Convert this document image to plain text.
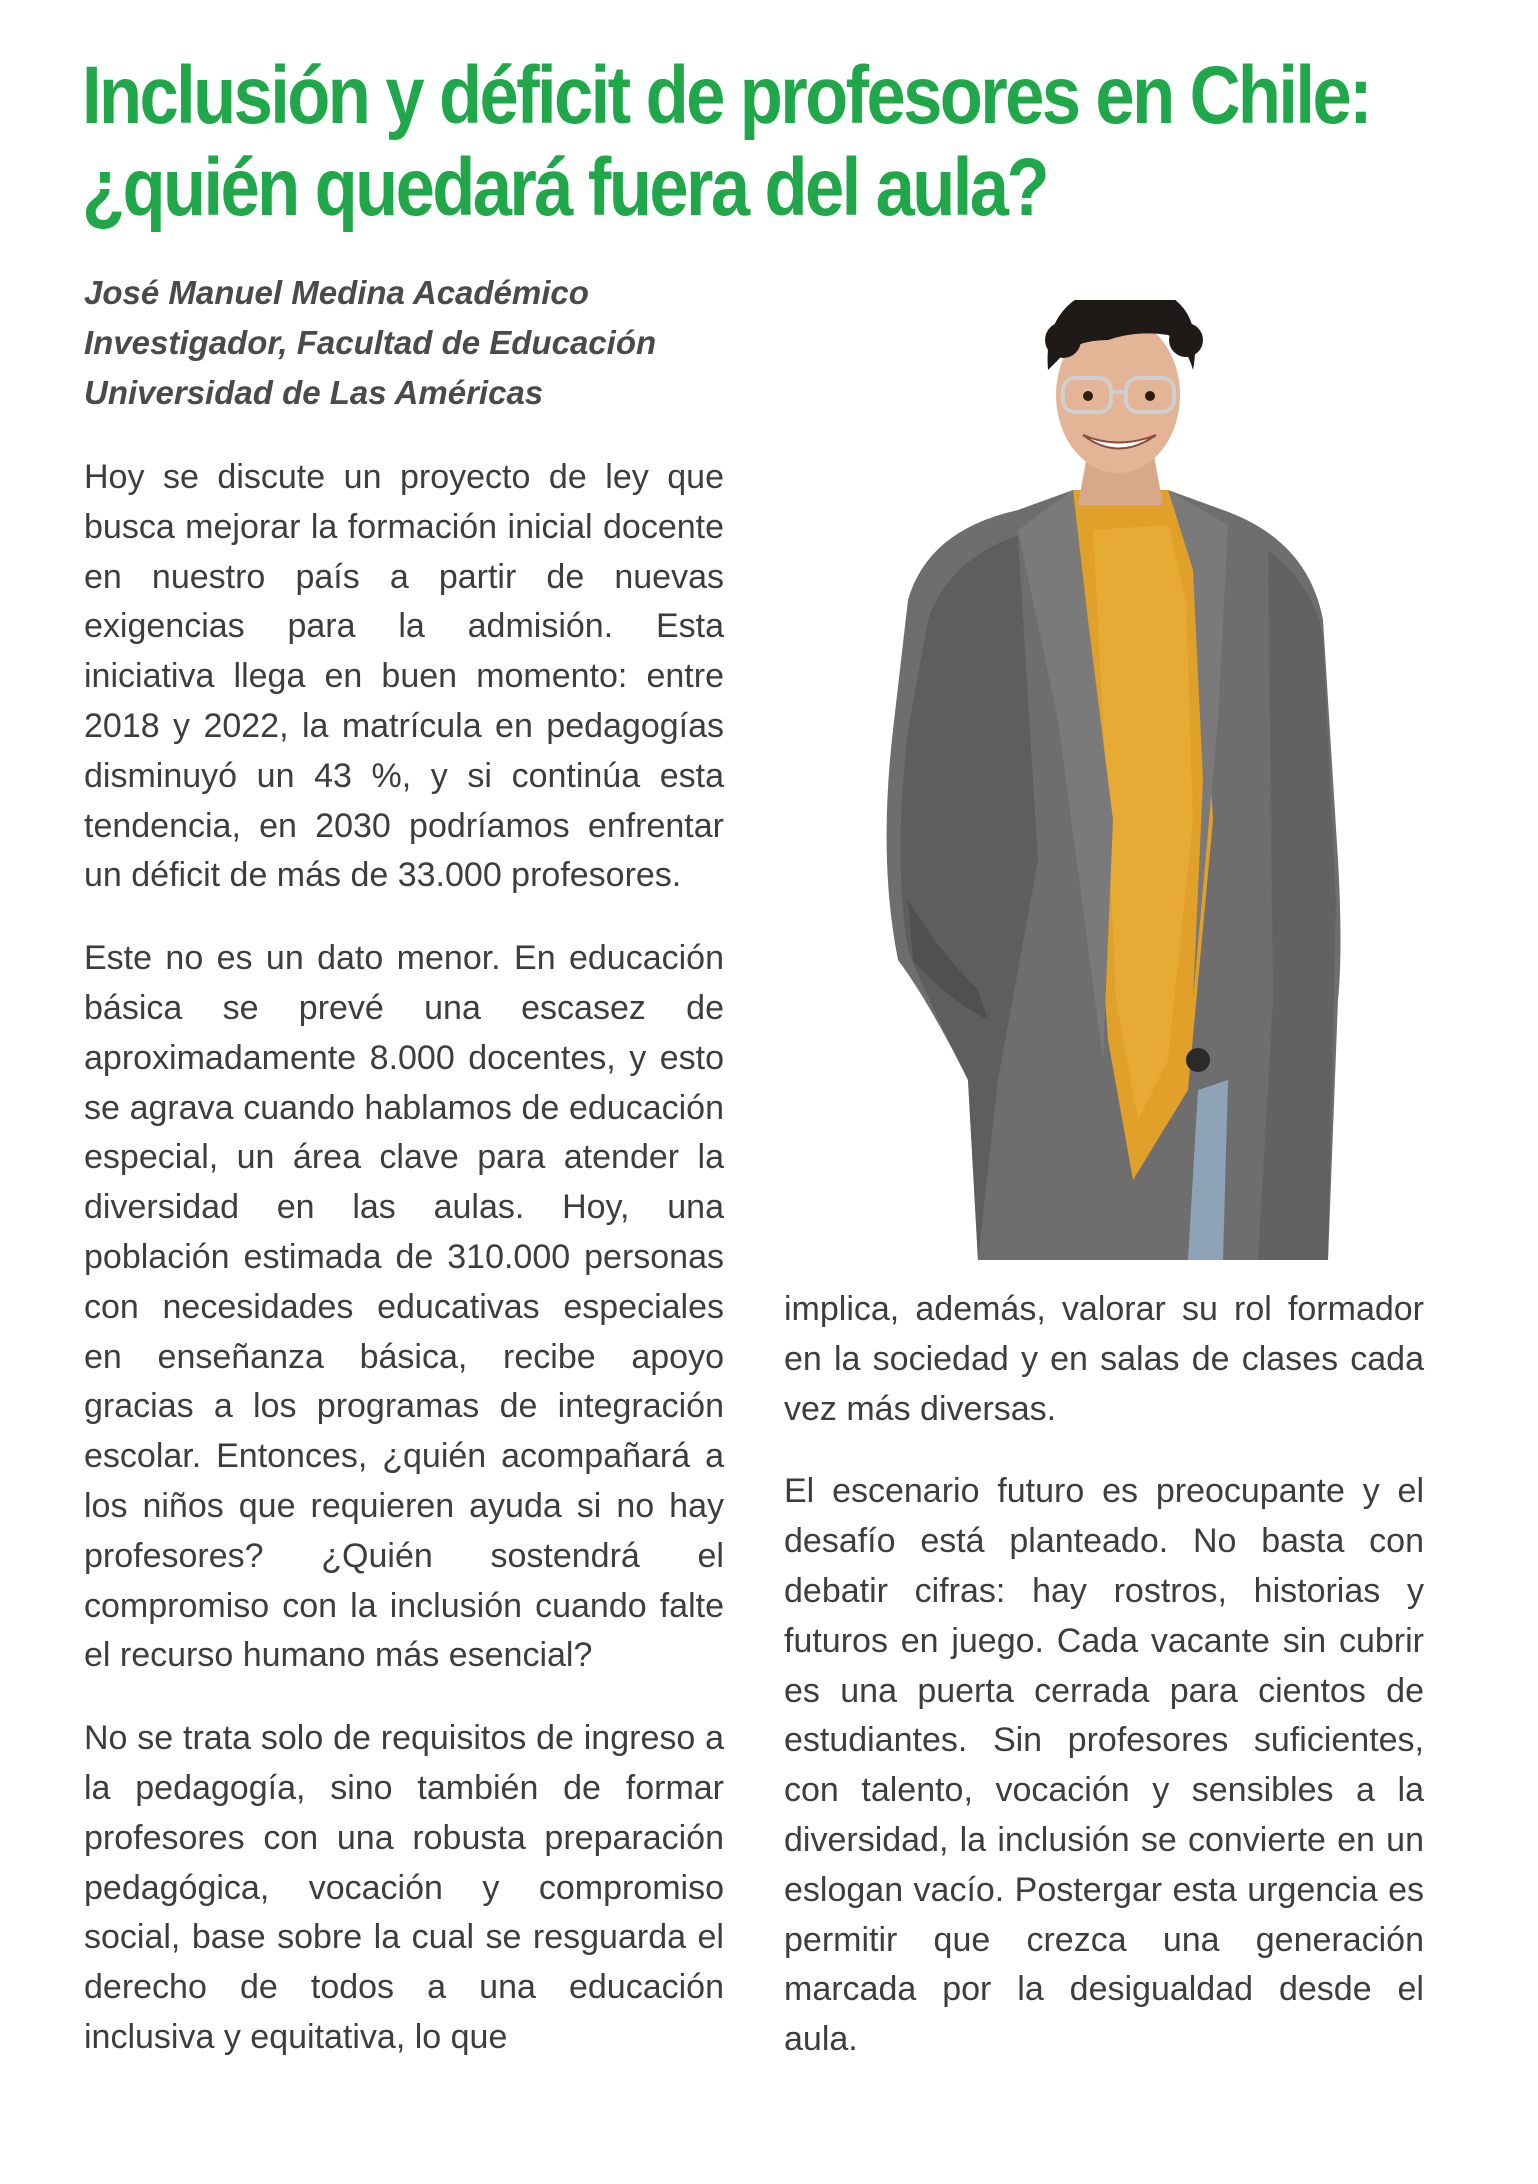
Inclusión y déficit de profesores en Chile:
¿quién quedará fuera del aula?
José Manuel Medina Académico
Investigador, Facultad de Educación
Universidad de Las Américas

Hoy se discute un proyecto de ley que busca mejorar la formación inicial docente en nuestro país a partir de nuevas exigencias para la admisión. Esta iniciativa llega en buen momento: entre 2018 y 2022, la matrícula en pedagogías disminuyó un 43 %, y si continúa esta tendencia, en 2030 podríamos enfrentar un déficit de más de 33.000 profesores.

Este no es un dato menor. En educación básica se prevé una escasez de aproximadamente 8.000 docentes, y esto se agrava cuando hablamos de educación especial, un área clave para atender la diversidad en las aulas. Hoy, una población estimada de 310.000 personas con necesidades educativas especiales en enseñanza básica, recibe apoyo gracias a los programas de integración escolar. Entonces, ¿quién acompañará a los niños que requieren ayuda si no hay profesores? ¿Quién sostendrá el compromiso con la inclusión cuando falte el recurso humano más esencial?

No se trata solo de requisitos de ingreso a la pedagogía, sino también de formar profesores con una robusta preparación pedagógica, vocación y compromiso social, base sobre la cual se resguarda el derecho de todos a una educación inclusiva y equitativa, lo que

implica, además, valorar su rol formador en la sociedad y en salas de clases cada vez más diversas.

El escenario futuro es preocupante y el desafío está planteado. No basta con debatir cifras: hay rostros, historias y futuros en juego. Cada vacante sin cubrir es una puerta cerrada para cientos de estudiantes. Sin profesores suficientes, con talento, vocación y sensibles a la diversidad, la inclusión se convierte en un eslogan vacío. Postergar esta urgencia es permitir que crezca una generación marcada por la desigualdad desde el aula.
